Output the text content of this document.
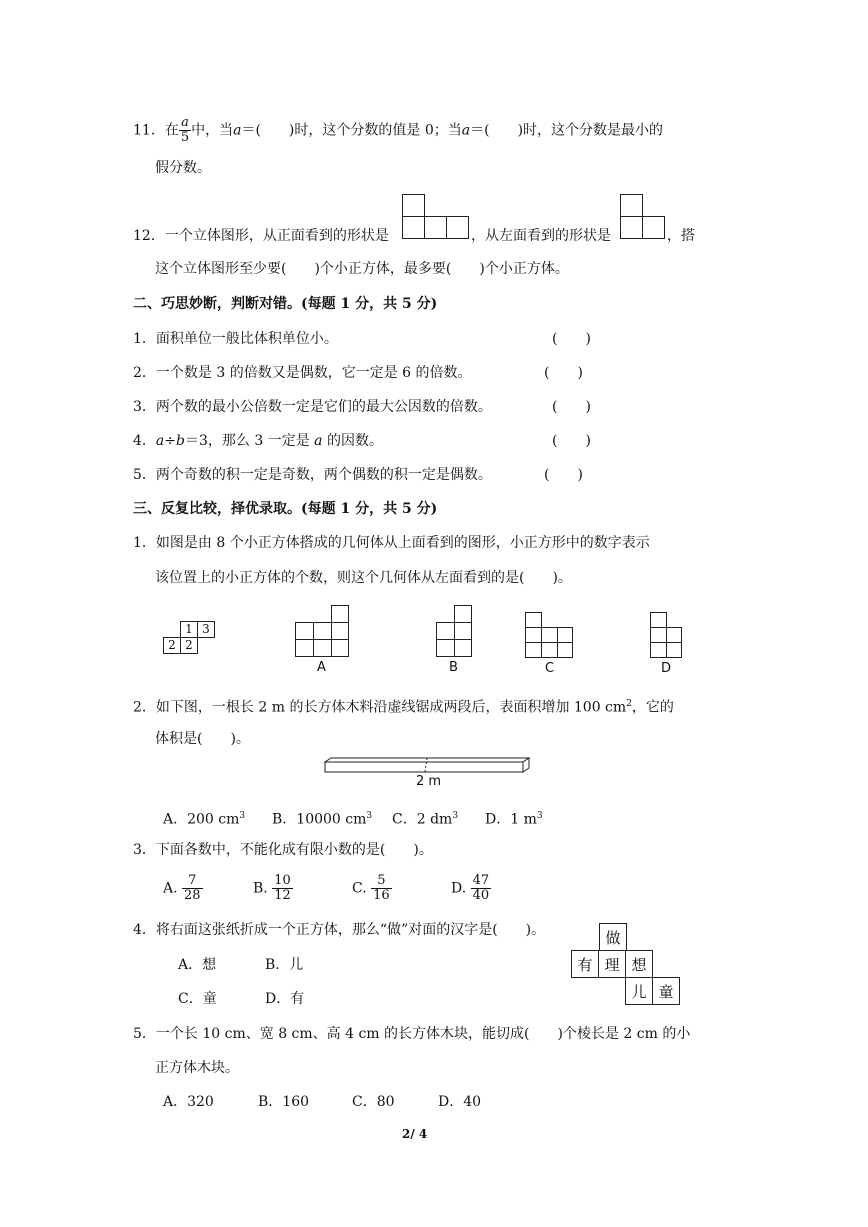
11．在 $\frac{a}{5}$ 中，当a＝(　　)时，这个分数的值是 0；当a＝(　　)时，这个分数是最小的
假分数。
12．一个立体图形，从正面看到的形状是	，从左面看到的形状是	，搭
这个立体图形至少要(　　)个小正方体，最多要(　　)个小正方体。
二、巧思妙断，判断对错。(每题 1 分，共 5 分)
1．面积单位一般比体积单位小。	(　　)
2．一个数是 3 的倍数又是偶数，它一定是 6 的倍数。	(　　)
3．两个数的最小公倍数一定是它们的最大公因数的倍数。	(　　)
4．a÷b＝3，那么 3 一定是 a 的因数。	(　　)
5．两个奇数的积一定是奇数，两个偶数的积一定是偶数。	(　　)
三、反复比较，择优录取。(每题 1 分，共 5 分)
1．如图是由 8 个小正方体搭成的几何体从上面看到的图形，小正方形中的数字表示
该位置上的小正方体的个数，则这个几何体从左面看到的是(　　)。
1 3
2 2
A	B	C	D
2．如下图，一根长 2 m 的长方体木料沿虚线锯成两段后，表面积增加 100 $cm^2$，它的
体积是(　　)。
2 m
A．200 $cm^3$ B．10000 $cm^3$ C．2 $dm^3$ D．1 $m^3$
3．下面各数中，不能化成有限小数的是(　　)。
A. $\frac{7}{28}$	B. $\frac{10}{12}$	C. $\frac{5}{16}$	D. $\frac{47}{40}$
4．将右面这张纸折成一个正方体，那么“做”对面的汉字是(　　)。
A．想	B．儿
C．童	D．有
做
有 理 想
儿 童
5．一个长 10 cm、宽 8 cm、高 4 cm 的长方体木块，能切成(　　)个棱长是 2 cm 的小
正方体木块。
A．320	B．160	C．80	D．40
2/ 4
